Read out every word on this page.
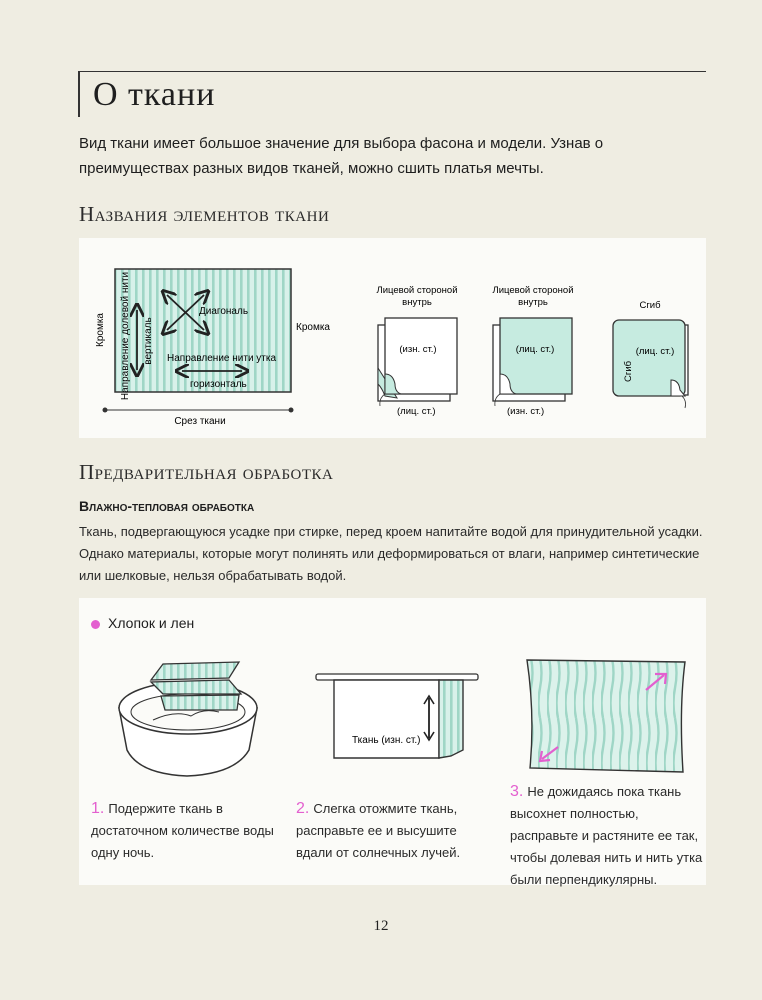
О ткани
Вид ткани имеет большое значение для выбора фасона и модели. Узнав о преимуществах разных видов тканей, можно сшить платья мечты.
Названия элементов ткани
Кромка Направление долевой нити вертикаль
Диагональ
Направление нити утка
горизонталь
Кромка
Срез ткани
Лицевой стороной
внутрь
(изн. ст.)
(лиц. ст.)
Лицевой стороной
внутрь
(лиц. ст.)
(изн. ст.)
Сгиб
(лиц. ст.)
Сгиб
Предварительная обработка
Влажно-тепловая обработка
Ткань, подвергающуюся усадке при стирке, перед кроем напитайте водой для принудительной усадки. Однако материалы, которые могут полинять или деформироваться от влаги, например синтетические или шелковые, нельзя обрабатывать водой.
Ткань (изн. ст.)
Хлопок и лен
1. Подержите ткань в достаточном количестве воды одну ночь.
2. Слегка отожмите ткань, расправьте ее и высушите вдали от солнечных лучей.
3. Не дожидаясь пока ткань высохнет полностью, расправьте и растяните ее так, чтобы долевая нить и нить утка были перпендикулярны.
12
